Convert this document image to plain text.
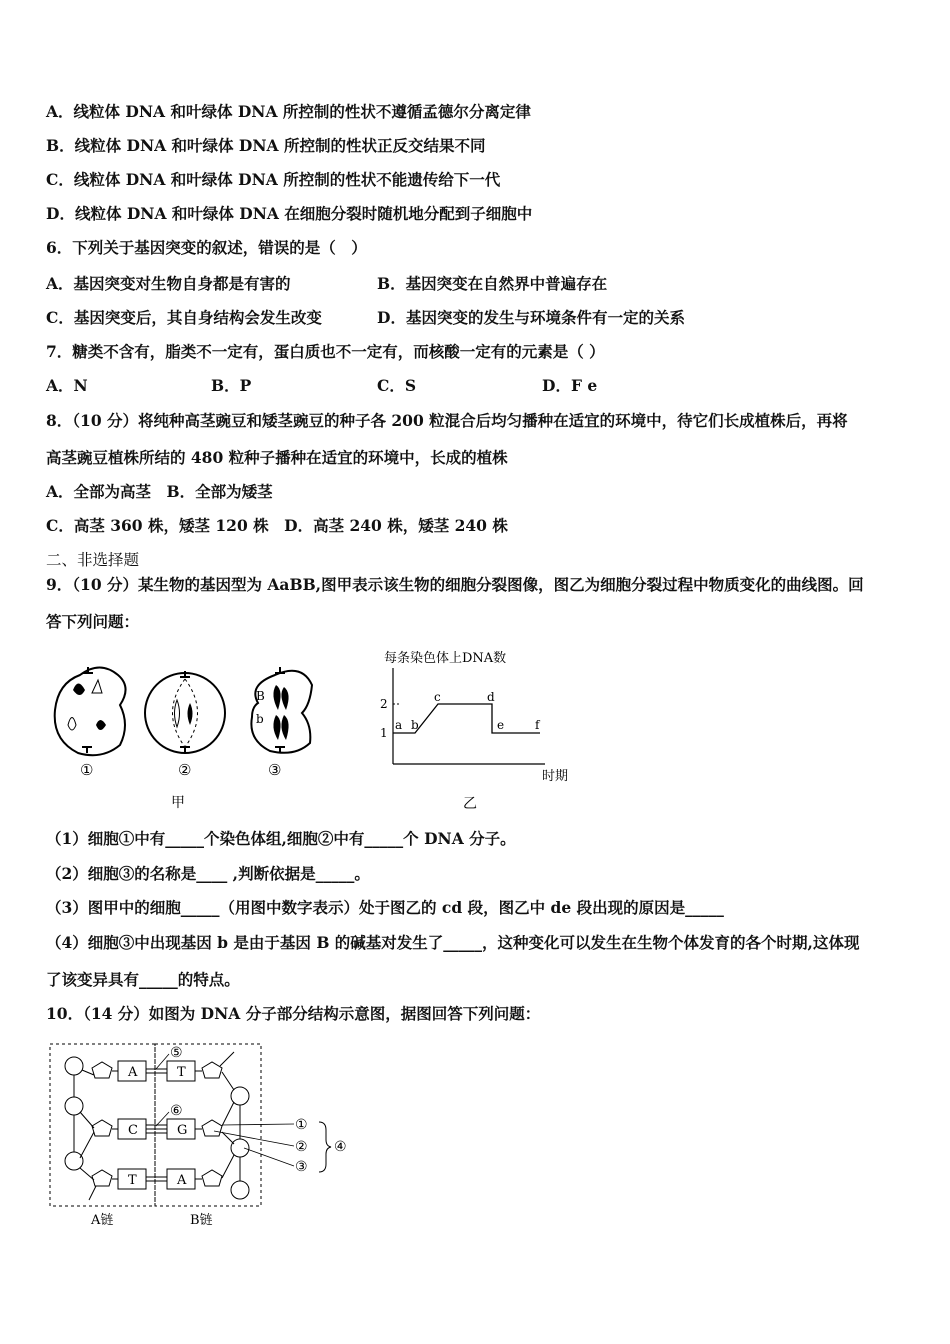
A．线粒体 DNA 和叶绿体 DNA 所控制的性状不遵循孟德尔分离定律
B．线粒体 DNA 和叶绿体 DNA 所控制的性状正反交结果不同
C．线粒体 DNA 和叶绿体 DNA 所控制的性状不能遗传给下一代
D．线粒体 DNA 和叶绿体 DNA 在细胞分裂时随机地分配到子细胞中
6．下列关于基因突变的叙述，错误的是（　）
A．基因突变对生物自身都是有害的	B．基因突变在自然界中普遍存在
C．基因突变后，其自身结构会发生改变	D．基因突变的发生与环境条件有一定的关系
7．糖类不含有，脂类不一定有，蛋白质也不一定有，而核酸一定有的元素是（ ）
A．N	B．P	C．S	D．F e
8．（10 分）将纯种高茎豌豆和矮茎豌豆的种子各 200 粒混合后均匀播种在适宜的环境中，待它们长成植株后，再将
高茎豌豆植株所结的 480 粒种子播种在适宜的环境中，长成的植株
A．全部为高茎　B．全部为矮茎
C．高茎 360 株，矮茎 120 株　D．高茎 240 株，矮茎 240 株
二、非选择题
9．（10 分）某生物的基因型为 AaBB,图甲表示该生物的细胞分裂图像，图乙为细胞分裂过程中物质变化的曲线图。回
答下列问题：
①	②
B
b
③
甲
每条染色体上DNA数
1
2
a b
c	d
e	f
时期
乙
（1）细胞①中有_____个染色体组,细胞②中有_____个 DNA 分子。
（2）细胞③的名称是____ ,判断依据是_____。
（3）图甲中的细胞_____（用图中数字表示）处于图乙的 cd 段，图乙中 de 段出现的原因是_____
（4）细胞③中出现基因 b 是由于基因 B 的碱基对发生了_____，这种变化可以发生在生物个体发育的各个时期,这体现
了该变异具有_____的特点。
10．（14 分）如图为 DNA 分子部分结构示意图，据图回答下列问题：
A
C
T
T
G
A
⑤
⑥
①
②
③
④
A链	B链
